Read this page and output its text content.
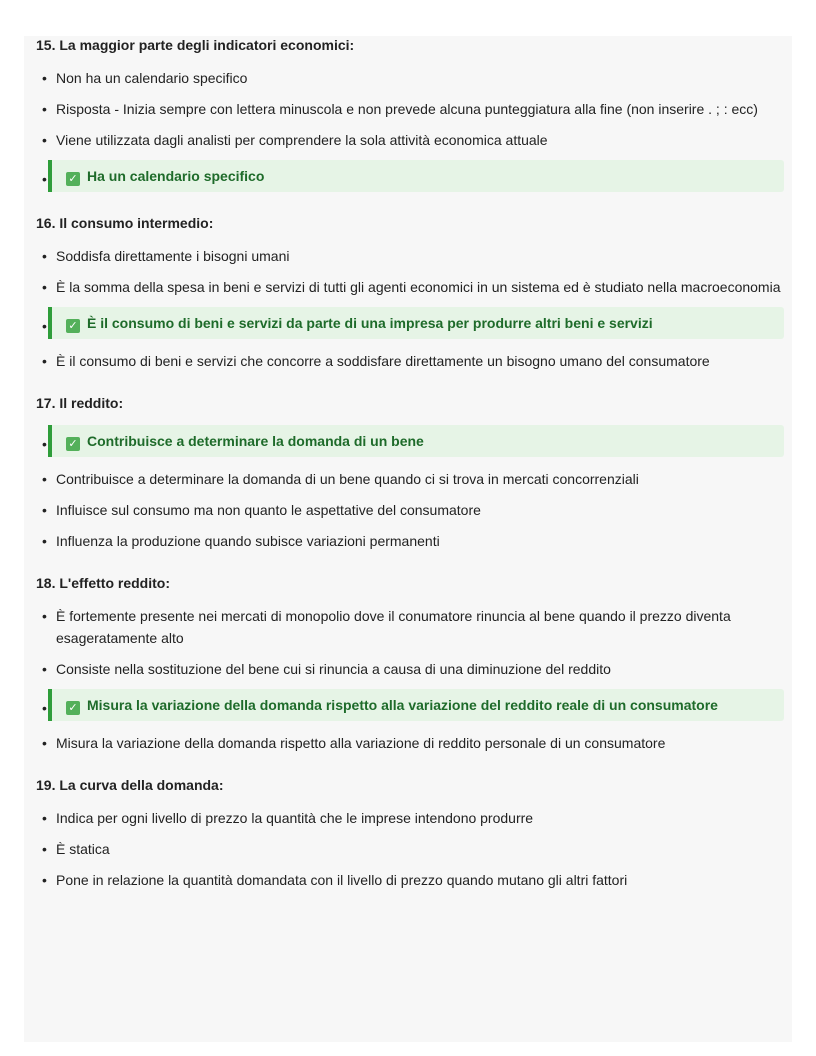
15. La maggior parte degli indicatori economici:
• Non ha un calendario specifico
• Risposta - Inizia sempre con lettera minuscola e non prevede alcuna punteggiatura alla fine (non inserire . ; : ecc)
• Viene utilizzata dagli analisti per comprendere la sola attività economica attuale
• ✓ Ha un calendario specifico
16. Il consumo intermedio:
• Soddisfa direttamente i bisogni umani
• È la somma della spesa in beni e servizi di tutti gli agenti economici in un sistema ed è studiato nella macroeconomia
• ✓ È il consumo di beni e servizi da parte di una impresa per produrre altri beni e servizi
• È il consumo di beni e servizi che concorre a soddisfare direttamente un bisogno umano del consumatore
17. Il reddito:
• ✓ Contribuisce a determinare la domanda di un bene
• Contribuisce a determinare la domanda di un bene quando ci si trova in mercati concorrenziali
• Influisce sul consumo ma non quanto le aspettative del consumatore
• Influenza la produzione quando subisce variazioni permanenti
18. L'effetto reddito:
• È fortemente presente nei mercati di monopolio dove il conumatore rinuncia al bene quando il prezzo diventa esageratamente alto
• Consiste nella sostituzione del bene cui si rinuncia a causa di una diminuzione del reddito
• ✓ Misura la variazione della domanda rispetto alla variazione del reddito reale di un consumatore
• Misura la variazione della domanda rispetto alla variazione di reddito personale di un consumatore
19. La curva della domanda:
• Indica per ogni livello di prezzo la quantità che le imprese intendono produrre
• È statica
• Pone in relazione la quantità domandata con il livello di prezzo quando mutano gli altri fattori
